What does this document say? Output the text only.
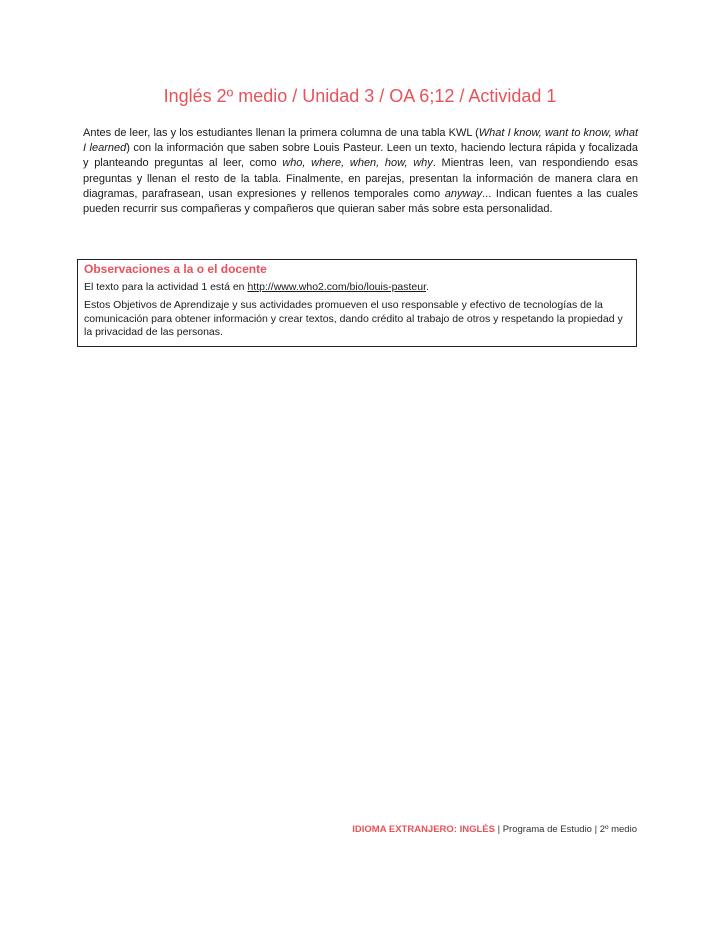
Inglés 2º medio / Unidad 3 / OA 6;12 / Actividad 1

Antes de leer, las y los estudiantes llenan la primera columna de una tabla KWL (What I know, want to know, what I learned) con la información que saben sobre Louis Pasteur. Leen un texto, haciendo lectura rápida y focalizada y planteando preguntas al leer, como who, where, when, how, why. Mientras leen, van respondiendo esas preguntas y llenan el resto de la tabla. Finalmente, en parejas, presentan la información de manera clara en diagramas, parafrasean, usan expresiones y rellenos temporales como anyway... Indican fuentes a las cuales pueden recurrir sus compañeras y compañeros que quieran saber más sobre esta personalidad.

Observaciones a la o el docente
El texto para la actividad 1 está en http://www.who2.com/bio/louis-pasteur.

Estos Objetivos de Aprendizaje y sus actividades promueven el uso responsable y efectivo de tecnologías de la comunicación para obtener información y crear textos, dando crédito al trabajo de otros y respetando la propiedad y la privacidad de las personas.

IDIOMA EXTRANJERO: INGLÉS | Programa de Estudio | 2º medio
